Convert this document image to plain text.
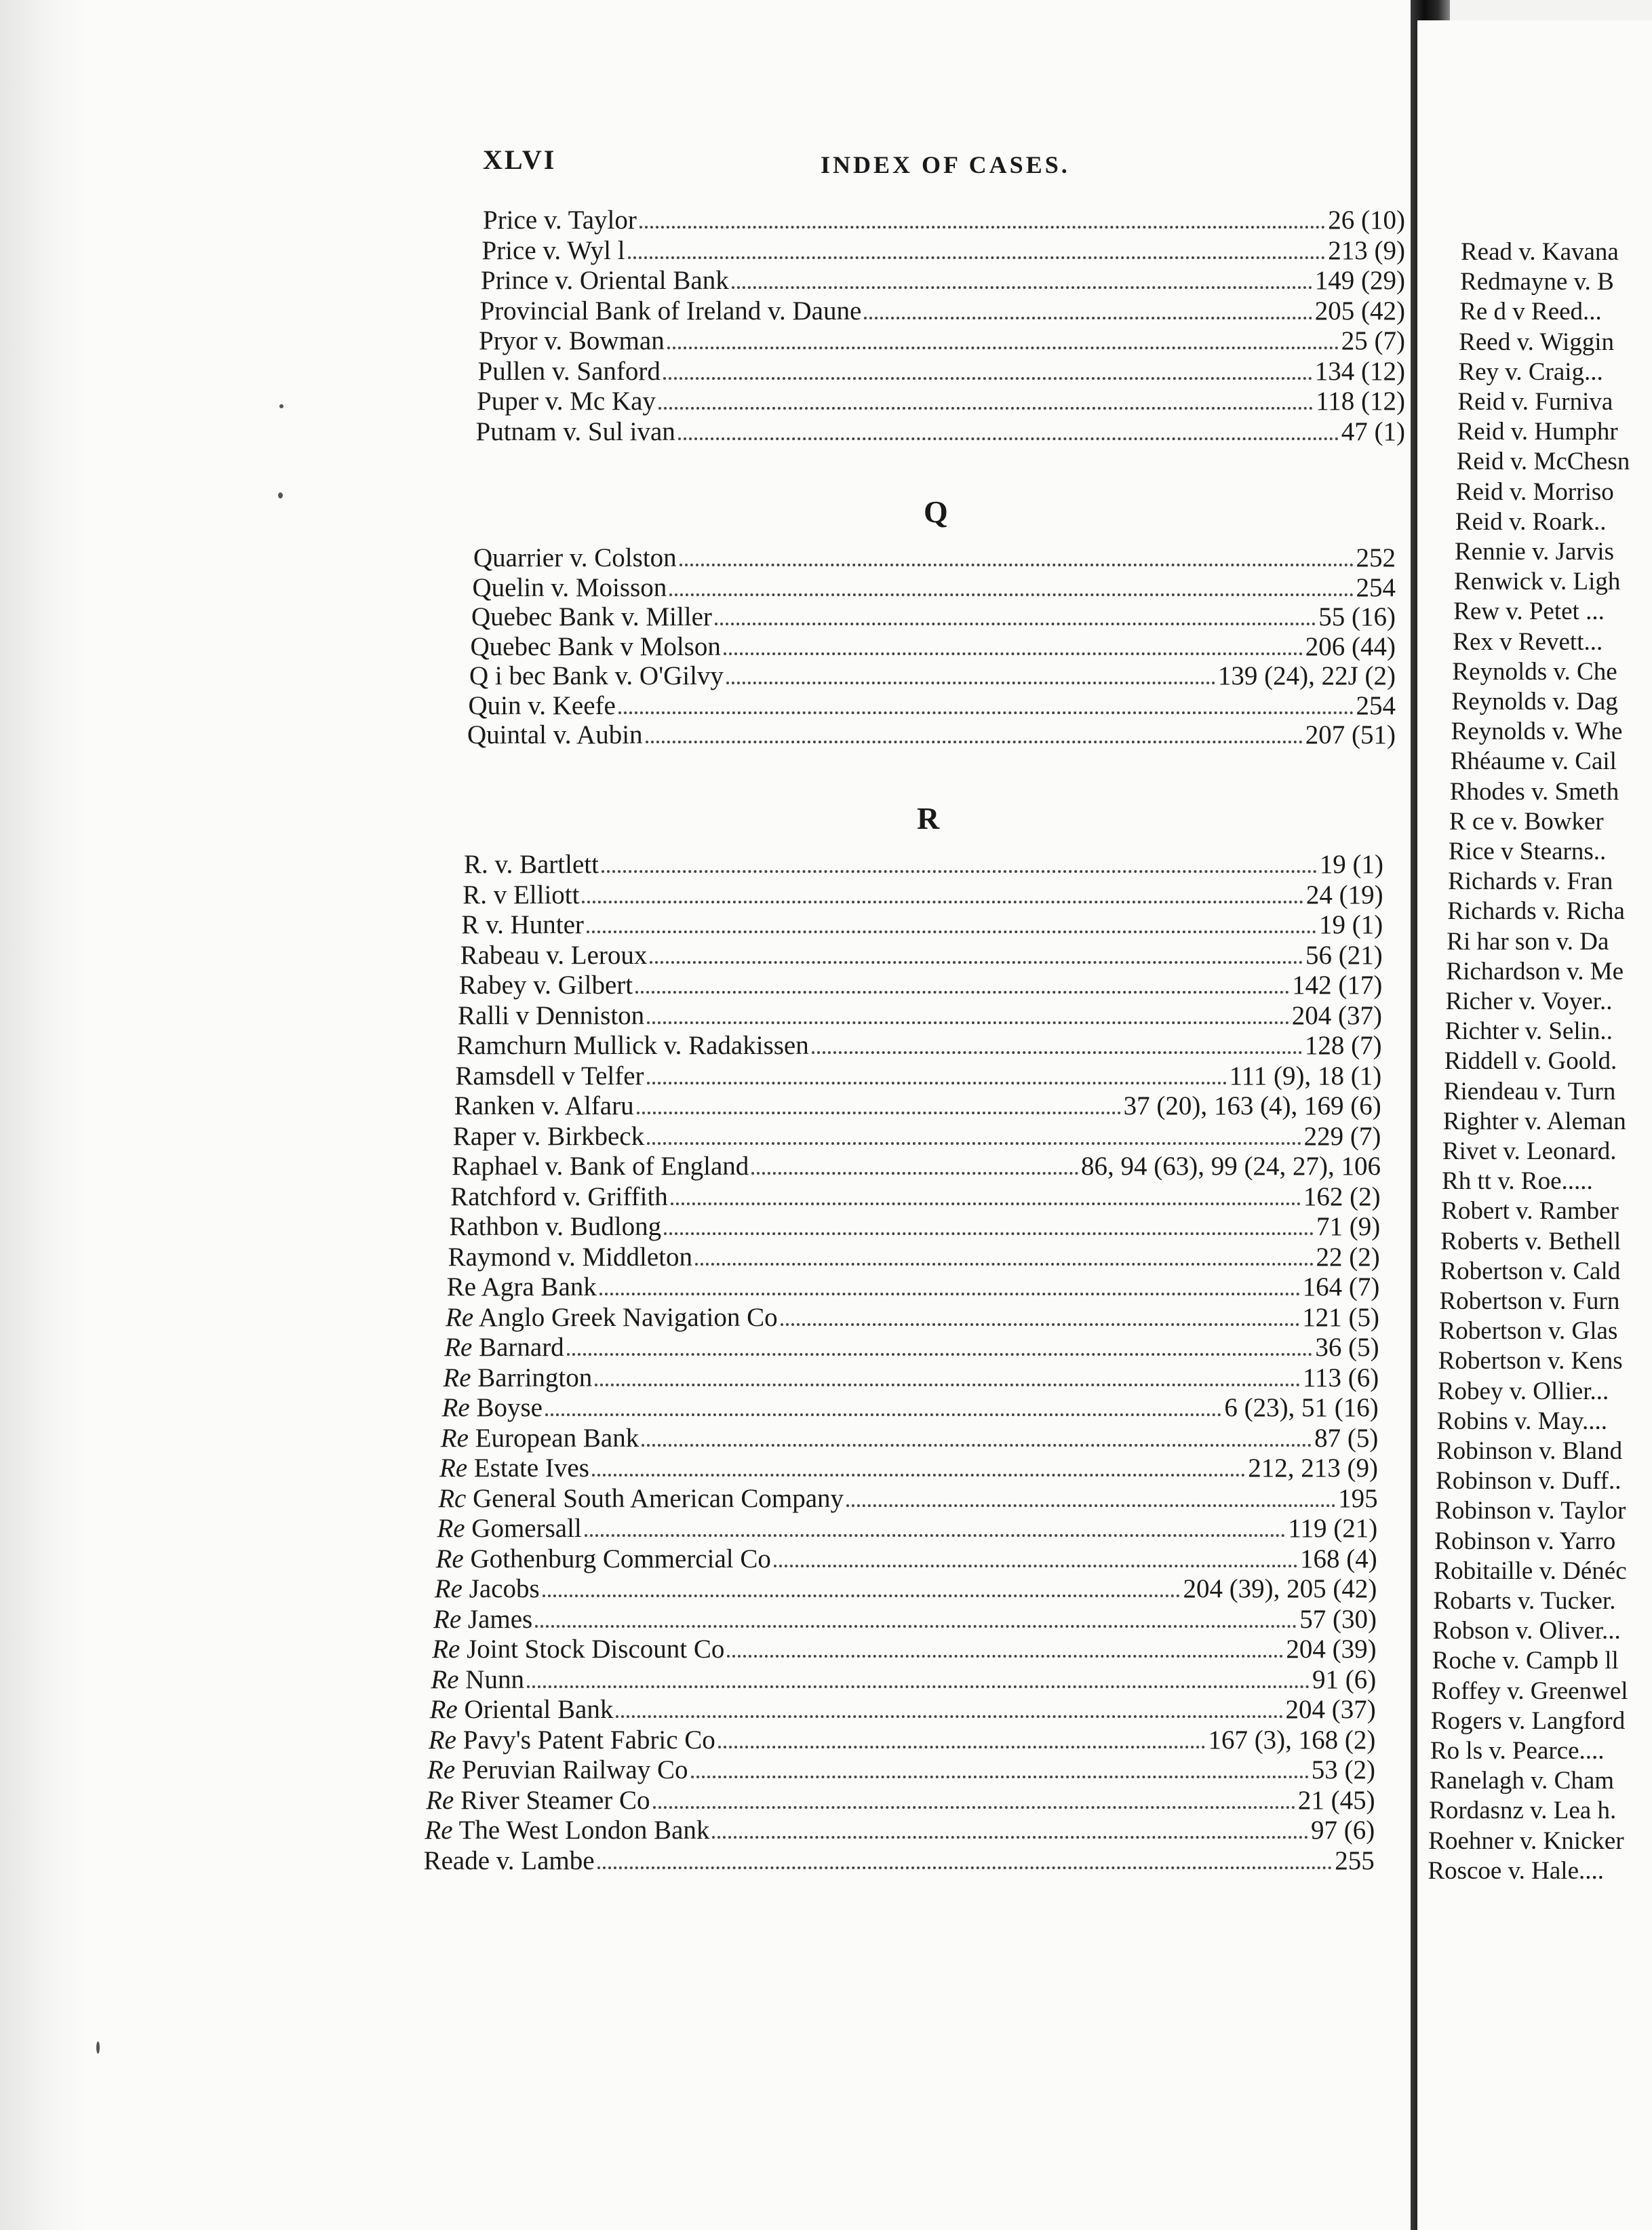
Read v. Kavana
Redmayne v. B
Re d v Reed...
Reed v. Wiggin
Rey v. Craig...
Reid v. Furniva
Reid v. Humphr
Reid v. McChesn
Reid v. Morriso
Reid v. Roark..
Rennie v. Jarvis
Renwick v. Ligh
Rew v. Petet ...
Rex v Revett...
Reynolds v. Che
Reynolds v. Dag
Reynolds v. Whe
Rhéaume v. Cail
Rhodes v. Smeth
R ce v. Bowker
Rice v Stearns..
Richards v. Fran
Richards v. Richa
Ri har son v. Da
Richardson v. Me
Richer v. Voyer..
Richter v. Selin..
Riddell v. Goold.
Riendeau v. Turn
Righter v. Aleman
Rivet v. Leonard.
Rh tt v. Roe.....
Robert v. Ramber
Roberts v. Bethell
Robertson v. Cald
Robertson v. Furn
Robertson v. Glas
Robertson v. Kens
Robey v. Ollier...
Robins v. May....
Robinson v. Bland
Robinson v. Duff..
Robinson v. Taylor
Robinson v. Yarro
Robitaille v. Dénéc
Robarts v. Tucker.
Robson v. Oliver...
Roche v. Campb ll
Roffey v. Greenwel
Rogers v. Langford
Ro ls v. Pearce....
Ranelagh v. Cham
Rordasnz v. Lea h.
Roehner v. Knicker
Roscoe v. Hale....
XLVI	INDEX OF CASES.
Price v. Taylor	26 (10)
Price v. Wyl l	213 (9)
Prince v. Oriental Bank	149 (29)
Provincial Bank of Ireland v. Daune	205 (42)
Pryor v. Bowman	25 (7)
Pullen v. Sanford	134 (12)
Puper v. Mc Kay	118 (12)
Putnam v. Sul ivan	47 (1)
Quarrier v. Colston	252
Quelin v. Moisson	254
Quebec Bank v. Miller	55 (16)
Quebec Bank v Molson	206 (44)
Q i bec Bank v. O'Gilvy	139 (24), 22J (2)
Quin v. Keefe	254
Quintal v. Aubin	207 (51)
R. v. Bartlett	19 (1)
R. v Elliott	24 (19)
R v. Hunter	19 (1)
Rabeau v. Leroux	56 (21)
Rabey v. Gilbert	142 (17)
Ralli v Denniston	204 (37)
Ramchurn Mullick v. Radakissen	128 (7)
Ramsdell v Telfer	111 (9), 18 (1)
Ranken v. Alfaru	37 (20), 163 (4), 169 (6)
Raper v. Birkbeck	229 (7)
Raphael v. Bank of England	86, 94 (63), 99 (24, 27), 106
Ratchford v. Griffith	162 (2)
Rathbon v. Budlong	71 (9)
Raymond v. Middleton	22 (2)
Re Agra Bank	164 (7)
Re Anglo Greek Navigation Co	121 (5)
Re Barnard	36 (5)
Re Barrington	113 (6)
Re Boyse	6 (23), 51 (16)
Re European Bank	87 (5)
Re Estate Ives	212, 213 (9)
Rc General South American Company	195
Re Gomersall	119 (21)
Re Gothenburg Commercial Co	168 (4)
Re Jacobs	204 (39), 205 (42)
Re James	57 (30)
Re Joint Stock Discount Co	204 (39)
Re Nunn	91 (6)
Re Oriental Bank	204 (37)
Re Pavy's Patent Fabric Co	167 (3), 168 (2)
Re Peruvian Railway Co	53 (2)
Re River Steamer Co	21 (45)
Re The West London Bank	97 (6)
Reade v. Lambe	255
Q
R
